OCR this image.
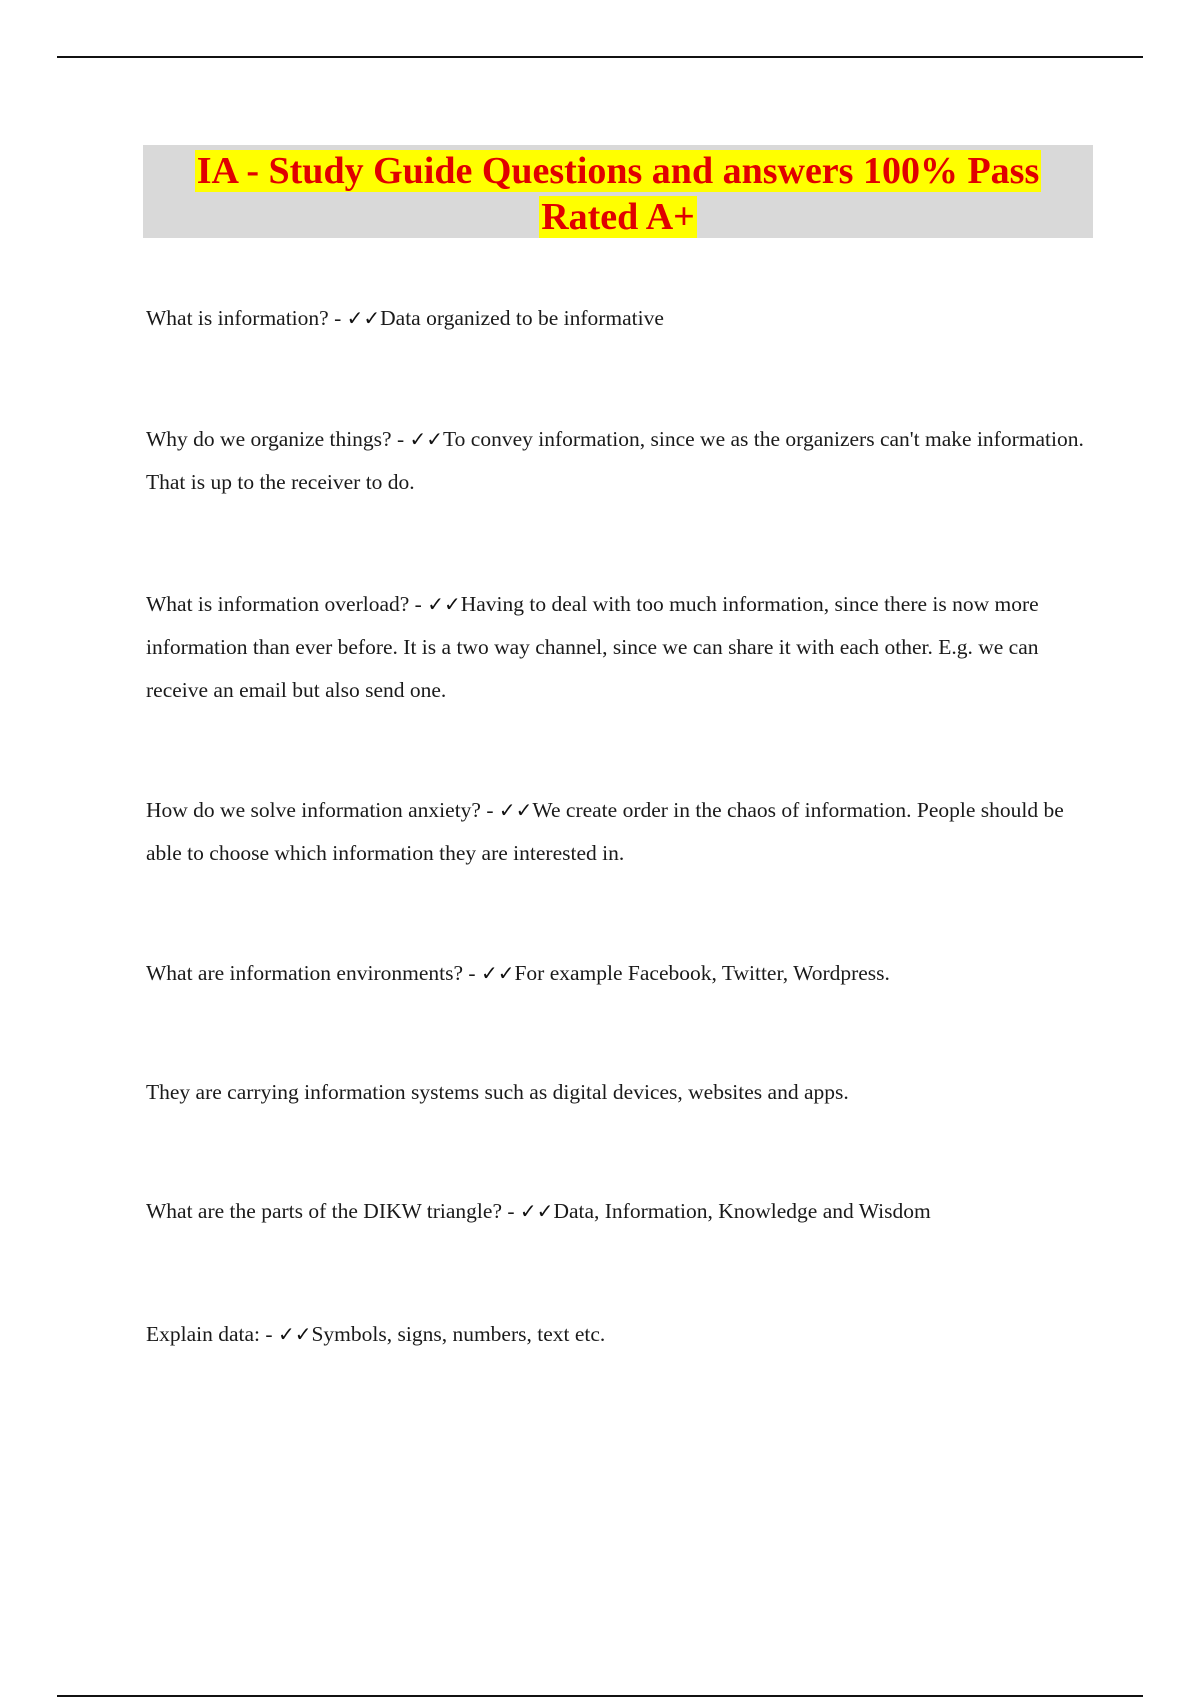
IA - Study Guide Questions and answers 100% Pass
Rated A+
What is information? - ✓✓Data organized to be informative
Why do we organize things? - ✓✓To convey information, since we as the organizers can't make information. That is up to the receiver to do.
What is information overload? - ✓✓Having to deal with too much information, since there is now more information than ever before. It is a two way channel, since we can share it with each other. E.g. we can receive an email but also send one.
How do we solve information anxiety? - ✓✓We create order in the chaos of information. People should be able to choose which information they are interested in.
What are information environments? - ✓✓For example Facebook, Twitter, Wordpress.
They are carrying information systems such as digital devices, websites and apps.
What are the parts of the DIKW triangle? - ✓✓Data, Information, Knowledge and Wisdom
Explain data: - ✓✓Symbols, signs, numbers, text etc.
